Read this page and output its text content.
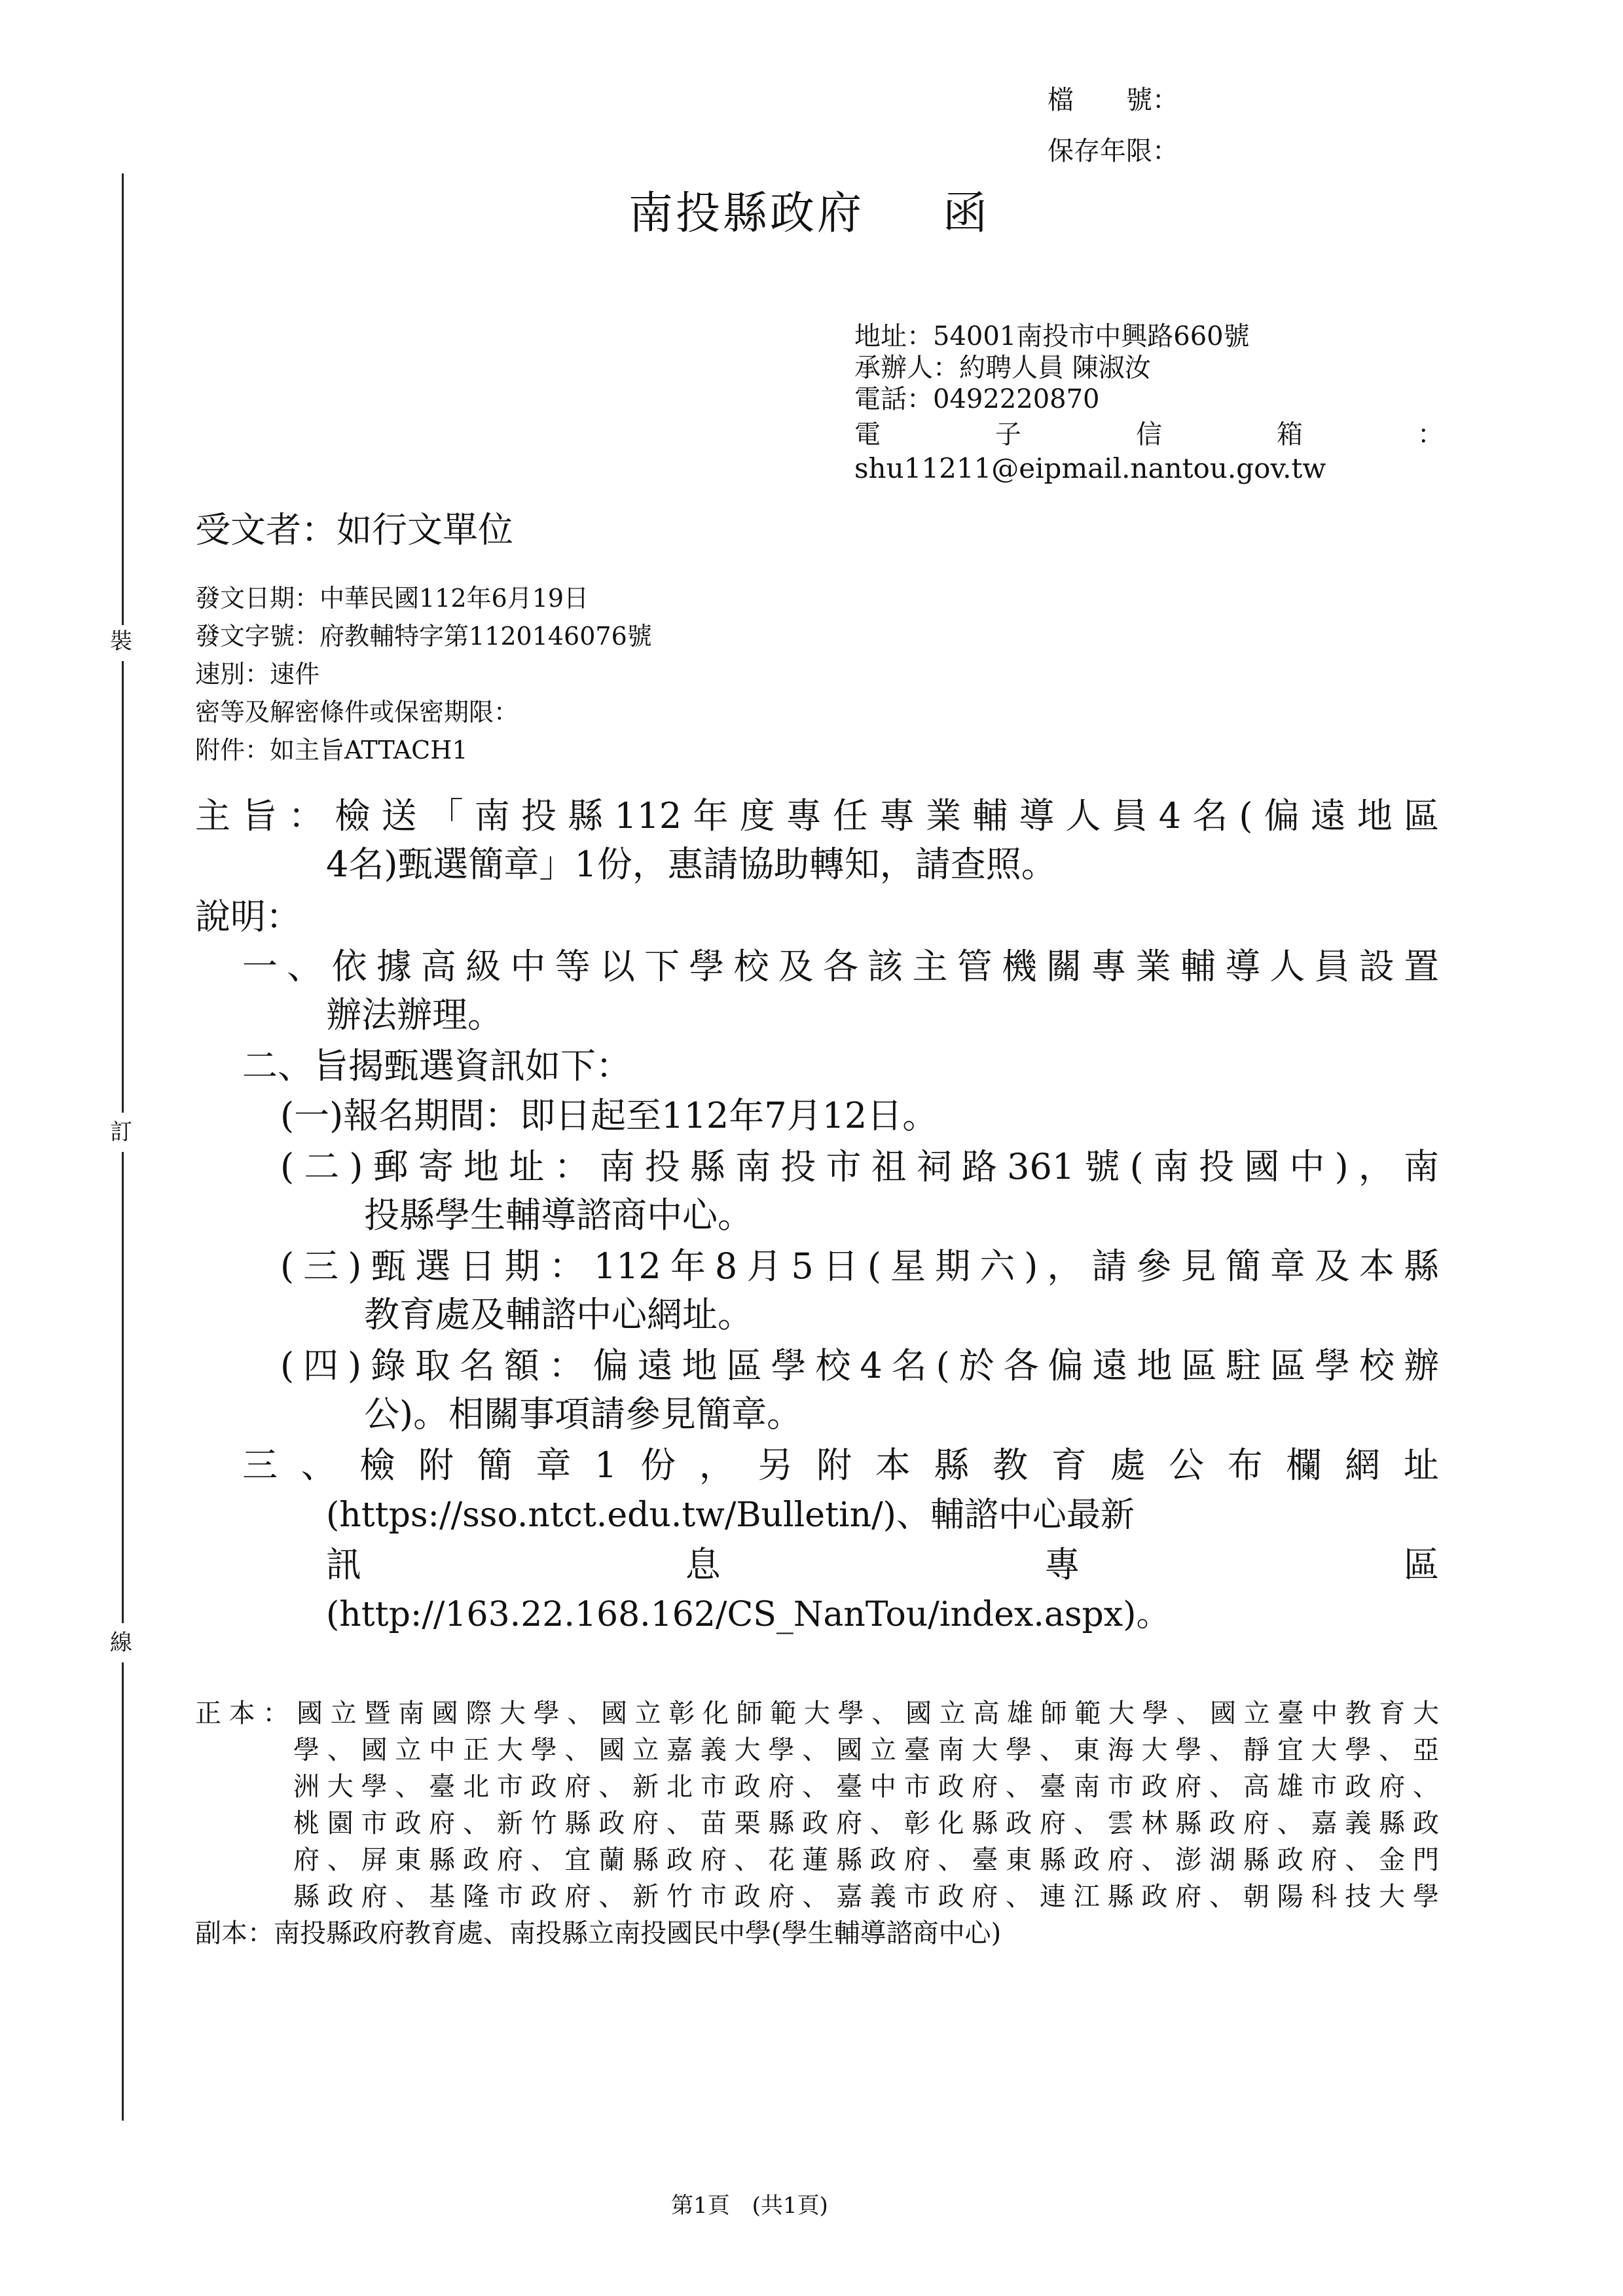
裝
訂
線
檔　　號：
保存年限：
南投縣政府 函
地址：54001南投市中興路660號
承辦人：約聘人員 陳淑汝
電話：0492220870
電	子	信	箱	：
shu11211@eipmail.nantou.gov.tw
受文者：如行文單位
發文日期：中華民國112年6月19日
發文字號：府教輔特字第1120146076號
速別：速件
密等及解密條件或保密期限：
附件：如主旨ATTACH1
主旨：檢送「南投縣112年度專任專業輔導人員4名(偏遠地區
4名)甄選簡章」1份，惠請協助轉知，請查照。
說明：
一、依據高級中等以下學校及各該主管機關專業輔導人員設置
辦法辦理。
二、旨揭甄選資訊如下：
(一)報名期間：即日起至112年7月12日。
(二)郵寄地址：南投縣南投市祖祠路361號(南投國中)，南
投縣學生輔導諮商中心。
(三)甄選日期：112年8月5日(星期六)，請參見簡章及本縣
教育處及輔諮中心網址。
(四)錄取名額：偏遠地區學校4名(於各偏遠地區駐區學校辦
公)。相關事項請參見簡章。
三 、 檢 附 簡 章 1 份 ， 另 附 本 縣 教 育 處 公 布 欄 網 址
(https://sso.ntct.edu.tw/Bulletin/)、輔諮中心最新
訊	息	專	區
(http://163.22.168.162/CS_NanTou/index.aspx)。
正本：國立暨南國際大學、國立彰化師範大學、國立高雄師範大學、國立臺中教育大
學、國立中正大學、國立嘉義大學、國立臺南大學、東海大學、靜宜大學、亞
洲大學、臺北市政府、新北市政府、臺中市政府、臺南市政府、高雄市政府、
桃園市政府、新竹縣政府、苗栗縣政府、彰化縣政府、雲林縣政府、嘉義縣政
府、屏東縣政府、宜蘭縣政府、花蓮縣政府、臺東縣政府、澎湖縣政府、金門
縣政府、基隆市政府、新竹市政府、嘉義市政府、連江縣政府、朝陽科技大學
副本：南投縣政府教育處、南投縣立南投國民中學(學生輔導諮商中心)
第1頁　(共1頁)
